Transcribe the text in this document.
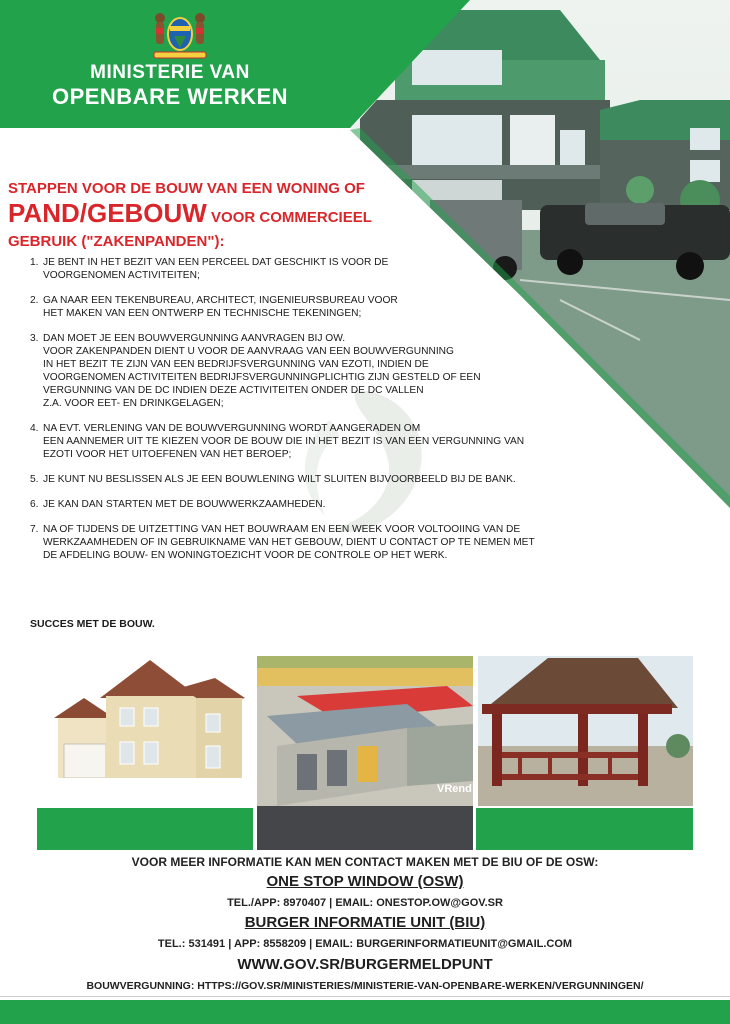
MINISTERIE VAN
OPENBARE WERKEN
STAPPEN VOOR DE BOUW VAN EEN WONING OF
PAND/GEBOUW VOOR COMMERCIEEL
GEBRUIK ("ZAKENPANDEN"):
1. JE BENT IN HET BEZIT VAN EEN PERCEEL DAT GESCHIKT IS VOOR DE
VOORGENOMEN ACTIVITEITEN;
2. GA NAAR EEN TEKENBUREAU, ARCHITECT, INGENIEURSBUREAU VOOR
HET MAKEN VAN EEN ONTWERP EN TECHNISCHE TEKENINGEN;
3. DAN MOET JE EEN BOUWVERGUNNING AANVRAGEN BIJ OW.
VOOR ZAKENPANDEN DIENT U VOOR DE AANVRAAG VAN EEN BOUWVERGUNNING
IN HET BEZIT TE ZIJN VAN EEN BEDRIJFSVERGUNNING VAN EZOTI, INDIEN DE
VOORGENOMEN ACTIVITEITEN BEDRIJFSVERGUNNINGPLICHTIG ZIJN GESTELD OF EEN
VERGUNNING VAN DE DC INDIEN DEZE ACTIVITEITEN ONDER DE DC VALLEN
Z.A. VOOR EET- EN DRINKGELAGEN;
4. NA EVT. VERLENING VAN DE BOUWVERGUNNING WORDT AANGERADEN OM
EEN AANNEMER UIT TE KIEZEN VOOR DE BOUW DIE IN HET BEZIT IS VAN EEN VERGUNNING VAN
EZOTI VOOR HET UITOEFENEN VAN HET BEROEP;
5. JE KUNT NU BESLISSEN ALS JE EEN BOUWLENING WILT SLUITEN BIJVOORBEELD BIJ DE BANK.
6. JE KAN DAN STARTEN MET DE BOUWWERKZAAMHEDEN.
7. NA OF TIJDENS DE UITZETTING VAN HET BOUWRAAM EN EEN WEEK VOOR VOLTOOIING VAN DE
WERKZAAMHEDEN OF IN GEBRUIKNAME VAN HET GEBOUW, DIENT U CONTACT OP TE NEMEN MET
DE AFDELING BOUW- EN WONINGTOEZICHT VOOR DE CONTROLE OP HET WERK.
SUCCES MET DE BOUW.
VRend
VOOR MEER INFORMATIE KAN MEN CONTACT MAKEN MET DE BIU OF DE OSW:
ONE STOP WINDOW (OSW)
TEL./APP: 8970407 | EMAIL: ONESTOP.OW@GOV.SR
BURGER INFORMATIE UNIT (BIU)
TEL.: 531491 | APP: 8558209 | EMAIL: BURGERINFORMATIEUNIT@GMAIL.COM
WWW.GOV.SR/BURGERMELDPUNT
BOUWVERGUNNING: HTTPS://GOV.SR/MINISTERIES/MINISTERIE-VAN-OPENBARE-WERKEN/VERGUNNINGEN/
